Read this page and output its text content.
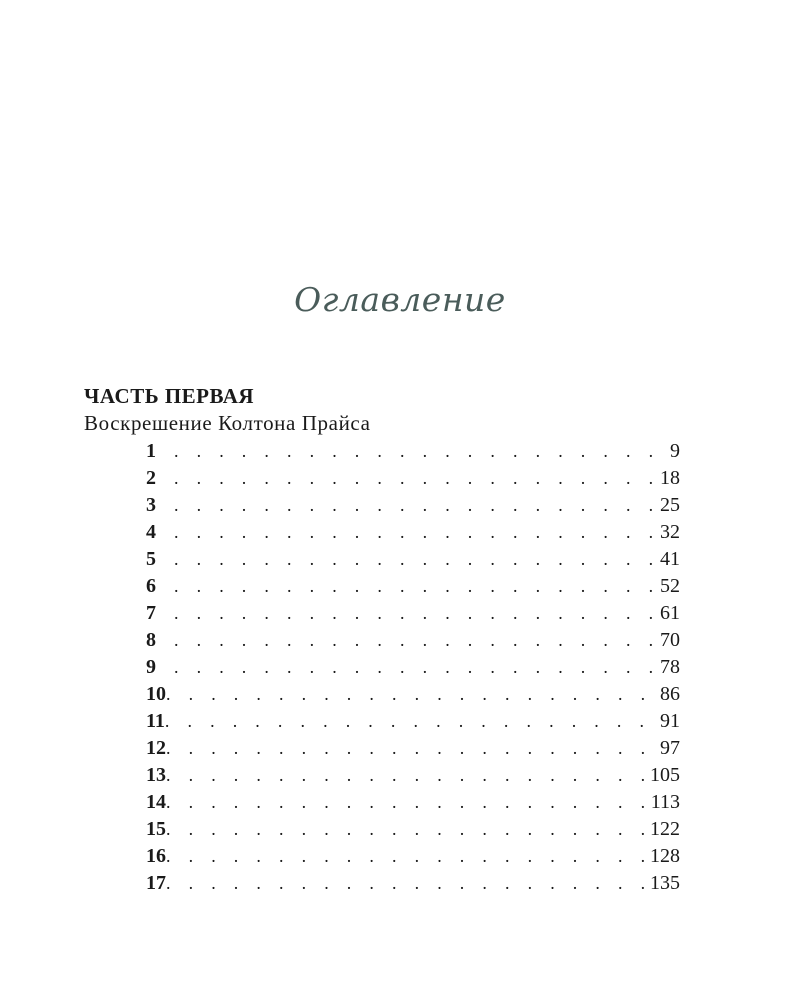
Оглавление
ЧАСТЬ ПЕРВАЯ
Воскрешение Колтона Прайса
1 . . .	9
2 . . .	18
3 . . .	25
4 . . .	32
5 . . .	41
6 . . .	52
7 . . .	61
8 . . .	70
9 . . .	78
10 . . .	86
11 . . .	91
12 . . .	97
13 . . .	105
14 . . .	113
15 . . .	122
16 . . .	128
17 . . .	135
